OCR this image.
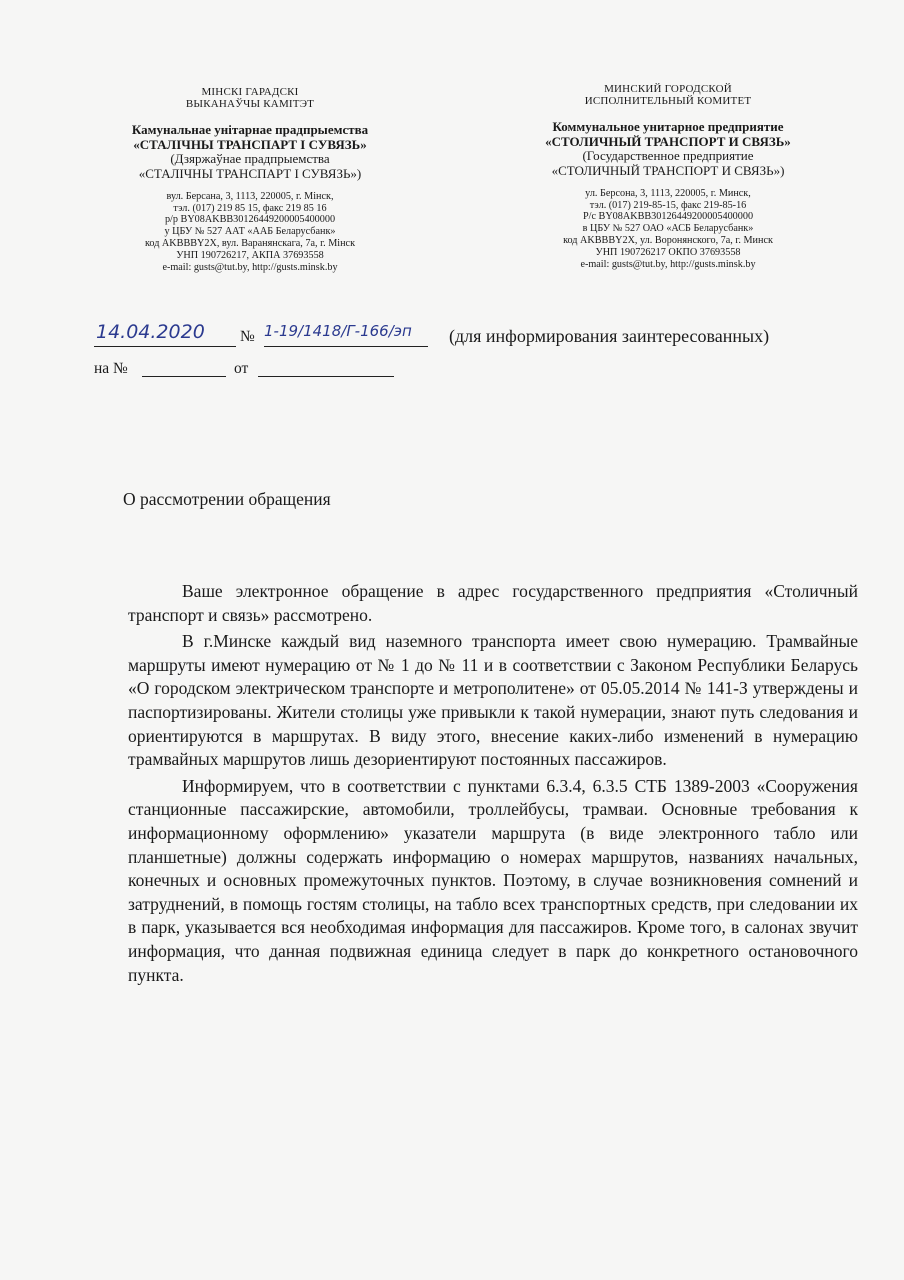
МІНСКІ ГАРАДСКІ
ВЫКАНАЎЧЫ КАМІТЭТ
Камунальнае унітарнае прадпрыемства
«СТАЛІЧНЫ ТРАНСПАРТ І СУВЯЗЬ»
(Дзяржаўнае прадпрыемства
«СТАЛІЧНЫ ТРАНСПАРТ І СУВЯЗЬ»)
вул. Берсана, 3, 1113, 220005, г. Мінск,
тэл. (017) 219 85 15, факс 219 85 16
р/р BY08AKBB30126449200005400000
у ЦБУ № 527 ААТ «ААБ Беларусбанк»
код AKBBBY2X, вул. Варанянскага, 7а, г. Мінск
УНП 190726217, АКПА 37693558
e-mail: gusts@tut.by, http://gusts.minsk.by
МИНСКИЙ ГОРОДСКОЙ
ИСПОЛНИТЕЛЬНЫЙ КОМИТЕТ
Коммунальное унитарное предприятие
«СТОЛИЧНЫЙ ТРАНСПОРТ И СВЯЗЬ»
(Государственное предприятие
«СТОЛИЧНЫЙ ТРАНСПОРТ И СВЯЗЬ»)
ул. Берсона, 3, 1113, 220005, г. Минск,
тэл. (017) 219-85-15, факс 219-85-16
Р/с BY08AKBB30126449200005400000
в ЦБУ № 527 ОАО «АСБ Беларусбанк»
код AKBBBY2X, ул. Воронянского, 7а, г. Минск
УНП 190726217 ОКПО 37693558
e-mail: gusts@tut.by, http://gusts.minsk.by
14.04.2020 № 1-19/1418/Г-166/эп (для информирования заинтересованных)
на №	от
О рассмотрении обращения

Ваше электронное обращение в адрес государственного предприятия «Столичный транспорт и связь» рассмотрено.

В г.Минске каждый вид наземного транспорта имеет свою нумерацию. Трамвайные маршруты имеют нумерацию от № 1 до № 11 и в соответствии с Законом Республики Беларусь «О городском электрическом транспорте и метрополитене» от 05.05.2014 № 141-З утверждены и паспортизированы. Жители столицы уже привыкли к такой нумерации, знают путь следования и ориентируются в маршрутах. В виду этого, внесение каких-либо изменений в нумерацию трамвайных маршрутов лишь дезориентируют постоянных пассажиров.

Информируем, что в соответствии с пунктами 6.3.4, 6.3.5 СТБ 1389-2003 «Сооружения станционные пассажирские, автомобили, троллейбусы, трамваи. Основные требования к информационному оформлению» указатели маршрута (в виде электронного табло или планшетные) должны содержать информацию о номерах маршрутов, названиях начальных, конечных и основных промежуточных пунктов. Поэтому, в случае возникновения сомнений и затруднений, в помощь гостям столицы, на табло всех транспортных средств, при следовании их в парк, указывается вся необходимая информация для пассажиров. Кроме того, в салонах звучит информация, что данная подвижная единица следует в парк до конкретного остановочного пункта.
